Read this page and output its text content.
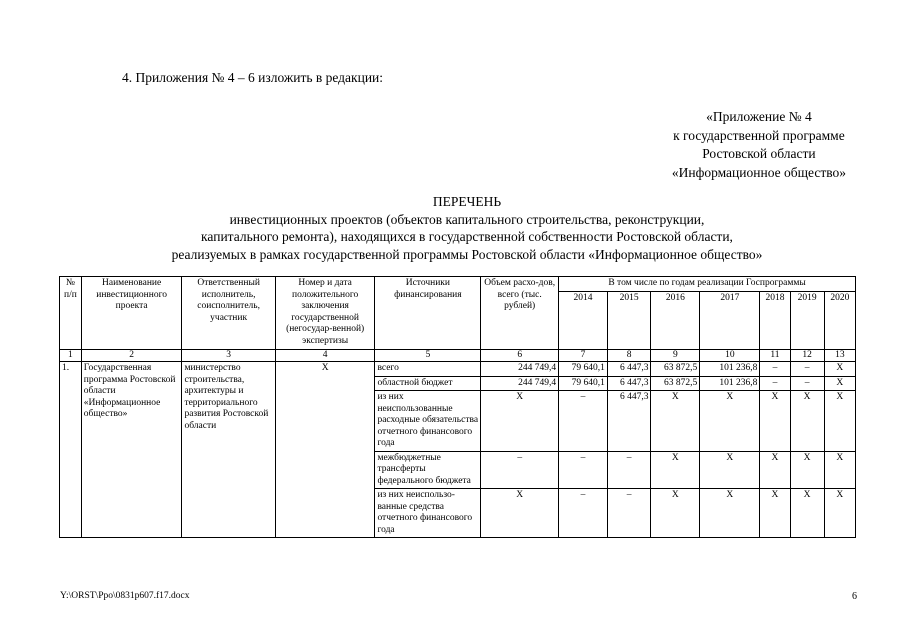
4. Приложения № 4 – 6 изложить в редакции:
«Приложение № 4
к государственной программе
Ростовской области
«Информационное общество»
ПЕРЕЧЕНЬ
инвестиционных проектов (объектов капитального строительства, реконструкции,
капитального ремонта), находящихся в государственной собственности Ростовской области,
реализуемых в рамках государственной программы Ростовской области «Информационное общество»
№ п/п	Наименование инвестиционного проекта	Ответственный исполнитель, соисполнитель, участник	Номер и дата положительного заключения государственной (негосудар-венной) экспертизы	Источники финансирования	Объем расхо-дов, всего (тыс. рублей)	В том числе по годам реализации Госпрограммы						
						2014	2015	2016	2017	2018	2019	2020
1	2	3	4	5	6	7	8	9	10	11	12	13
1.	Государственная программа Ростовской области «Информационное общество»	министерство строительства, архитектуры и территориального развития Ростовской области	Х	всего	244 749,4	79 640,1	6 447,3	63 872,5	101 236,8	–	–	Х
				областной бюджет	244 749,4	79 640,1	6 447,3	63 872,5	101 236,8	–	–	Х
				из них неиспользованные расходные обязательства отчетного финансового года	Х	–	6 447,3	Х	Х	Х	Х	Х
				межбюджетные трансферты федерального бюджета	–	–	–	Х	Х	Х	Х	Х
				из них неиспользо-ванные средства отчетного финансового года	Х	–	–	Х	Х	Х	Х	Х
Y:\ORST\Ppo\0831p607.f17.docx	6
